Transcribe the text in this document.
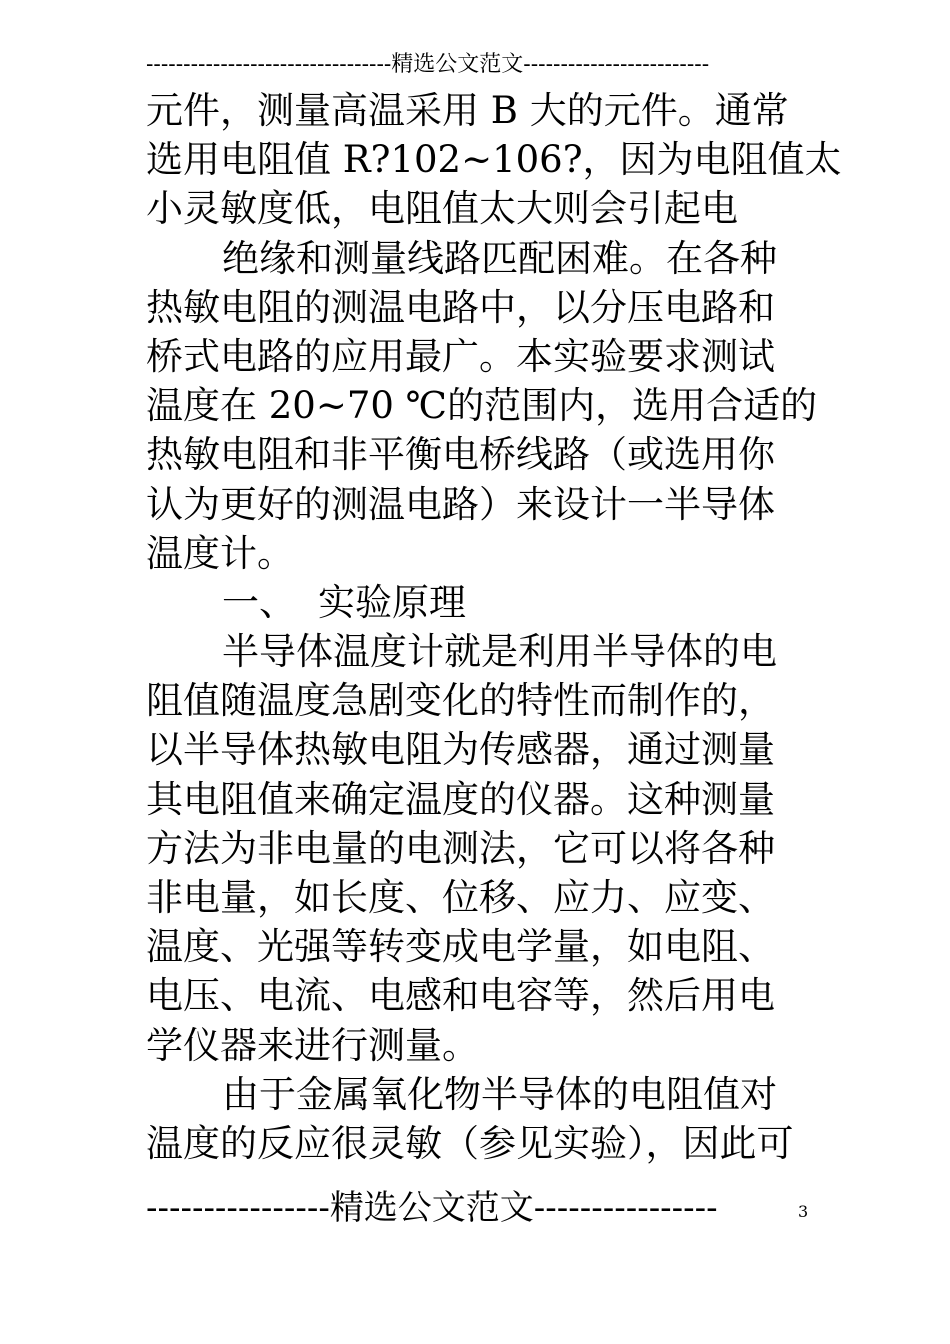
---------------------------------精选公文范文-------------------------
元件，测量高温采用 B 大的元件。通常
选用电阻值 R?102~106?，因为电阻值太
小灵敏度低，电阻值太大则会引起电
绝缘和测量线路匹配困难。在各种
热敏电阻的测温电路中，以分压电路和
桥式电路的应用最广。本实验要求测试
温度在 20~70 ℃的范围内，选用合适的
热敏电阻和非平衡电桥线路（或选用你
认为更好的测温电路）来设计一半导体
温度计。
一、 实验原理
半导体温度计就是利用半导体的电
阻值随温度急剧变化的特性而制作的，
以半导体热敏电阻为传感器，通过测量
其电阻值来确定温度的仪器。这种测量
方法为非电量的电测法，它可以将各种
非电量，如长度、位移、应力、应变、
温度、光强等转变成电学量，如电阻、
电压、电流、电感和电容等，然后用电
学仪器来进行测量。
由于金属氧化物半导体的电阻值对
温度的反应很灵敏（参见实验），因此可
----------------精选公文范文----------------	3
